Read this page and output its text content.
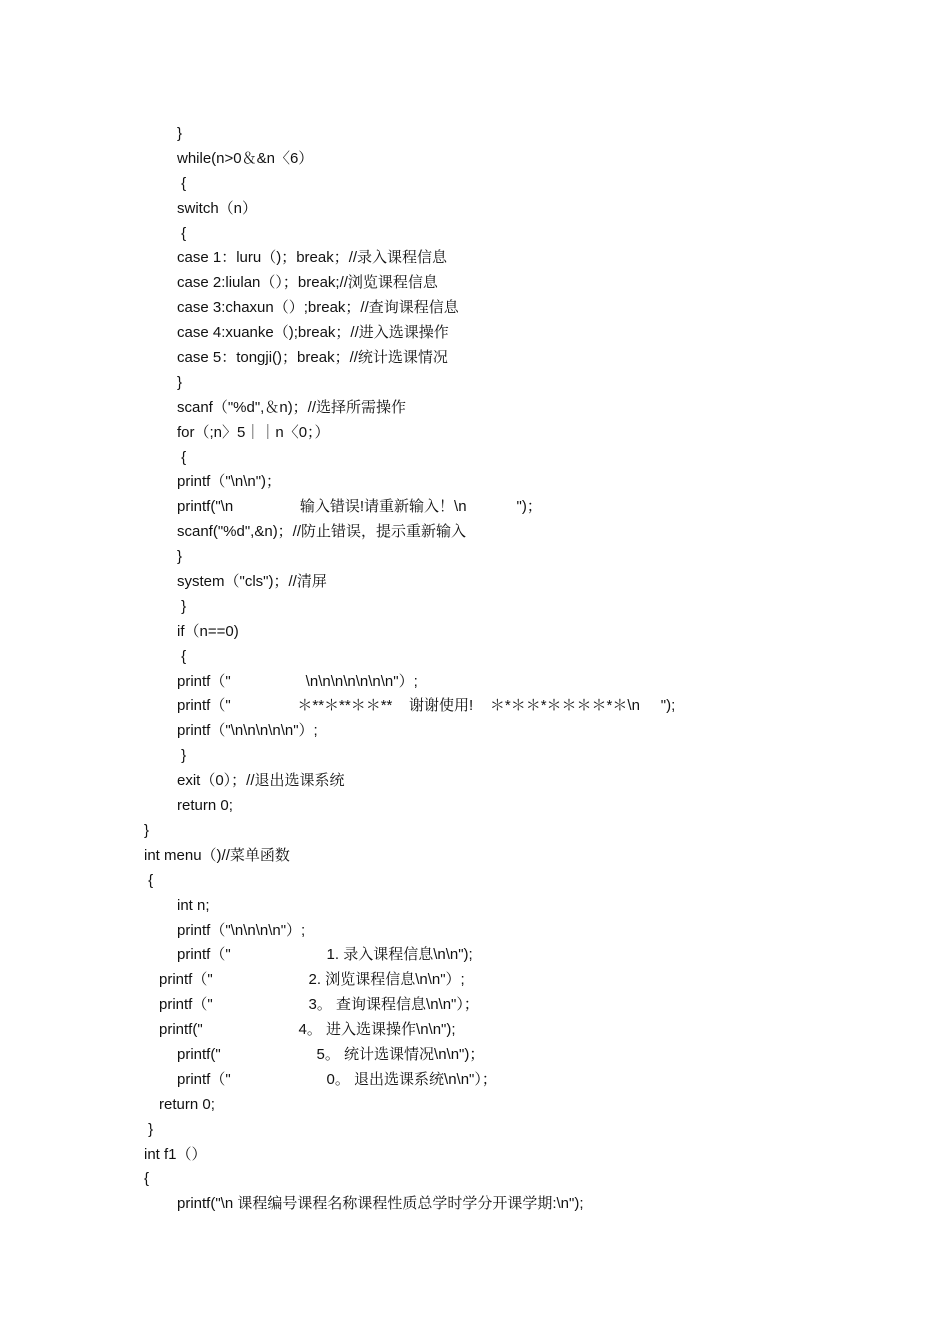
}
while(n>0＆&n〈6）
{
switch（n）
{
case 1：luru（)；break；//录入课程信息
case 2:liulan（）；break;//浏览课程信息
case 3:chaxun（）;break；//查询课程信息
case 4:xuanke（);break；//进入选课操作
case 5：tongji()；break；//统计选课情况
}
scanf（"%d",＆n)；//选择所需操作
for（;n〉5｜｜n〈0；）
{
printf（"\n\n")；
printf("\n                输入错误!请重新输入！\n            ")；
scanf("%d",&n)；//防止错误，提示重新输入
}
system（"cls")；//清屏
}
if（n==0)
{
printf（"                  \n\n\n\n\n\n\n"）;
printf（"                ＊**＊**＊＊**    谢谢使用!    ＊*＊＊*＊＊＊＊*＊\n     ");
printf（"\n\n\n\n\n"）;
}
exit（0）；//退出选课系统
return 0;
}
int menu（)//菜单函数
{
int n;
printf（"\n\n\n\n"）;
printf（"                       1. 录入课程信息\n\n");
printf（"                       2. 浏览课程信息\n\n"）;
printf（"                       3。 查询课程信息\n\n"）；
printf("                       4。 进入选课操作\n\n");
printf("                       5。 统计选课情况\n\n")；
printf（"                       0。 退出选课系统\n\n"）；
return 0;
}
int f1（）
{
printf("\n 课程编号课程名称课程性质总学时学分开课学期:\n");
